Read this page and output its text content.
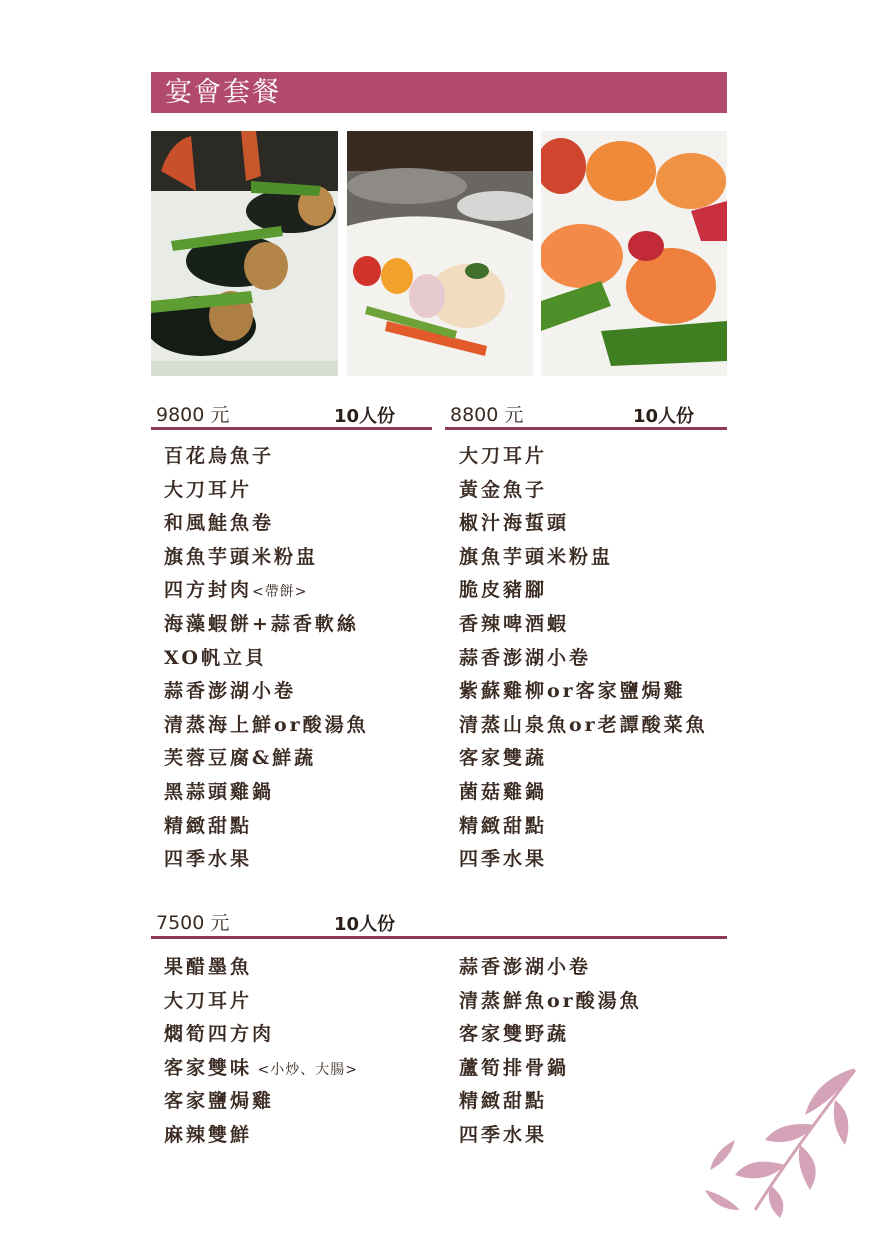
宴會套餐
9800 元	10人份
百花烏魚子
大刀耳片
和風鮭魚卷
旗魚芋頭米粉盅
四方封肉<帶餅>
海藻蝦餅+蒜香軟絲
XO帆立貝
蒜香澎湖小卷
清蒸海上鮮or酸湯魚
芙蓉豆腐&鮮蔬
黑蒜頭雞鍋
精緻甜點
四季水果
8800 元	10人份
大刀耳片
黃金魚子
椒汁海蜇頭
旗魚芋頭米粉盅
脆皮豬腳
香辣啤酒蝦
蒜香澎湖小卷
紫蘇雞柳or客家鹽焗雞
清蒸山泉魚or老譚酸菜魚
客家雙蔬
菌菇雞鍋
精緻甜點
四季水果
7500 元	10人份
果醋墨魚
大刀耳片
燜筍四方肉
客家雙味 <小炒、大腸>
客家鹽焗雞
麻辣雙鮮
蒜香澎湖小卷
清蒸鮮魚or酸湯魚
客家雙野蔬
蘆筍排骨鍋
精緻甜點
四季水果
